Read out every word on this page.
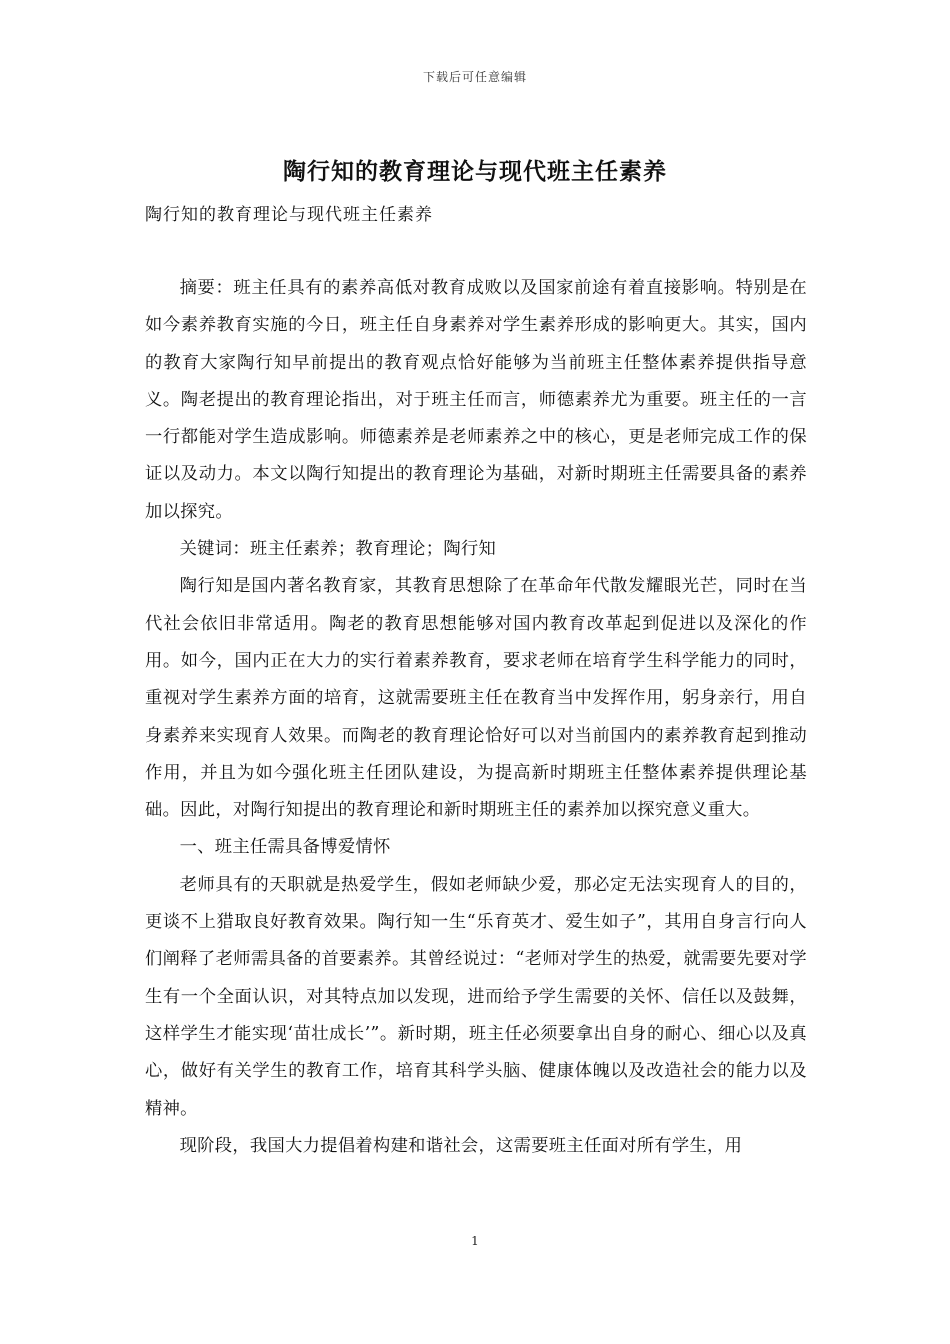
下载后可任意编辑
陶行知的教育理论与现代班主任素养

陶行知的教育理论与现代班主任素养

摘要：班主任具有的素养高低对教育成败以及国家前途有着直接影响。特别是在如今素养教育实施的今日，班主任自身素养对学生素养形成的影响更大。其实，国内的教育大家陶行知早前提出的教育观点恰好能够为当前班主任整体素养提供指导意义。陶老提出的教育理论指出，对于班主任而言，师德素养尤为重要。班主任的一言一行都能对学生造成影响。师德素养是老师素养之中的核心，更是老师完成工作的保证以及动力。本文以陶行知提出的教育理论为基础，对新时期班主任需要具备的素养加以探究。

关键词：班主任素养；教育理论；陶行知

陶行知是国内著名教育家，其教育思想除了在革命年代散发耀眼光芒，同时在当代社会依旧非常适用。陶老的教育思想能够对国内教育改革起到促进以及深化的作用。如今，国内正在大力的实行着素养教育，要求老师在培育学生科学能力的同时，重视对学生素养方面的培育，这就需要班主任在教育当中发挥作用，躬身亲行，用自身素养来实现育人效果。而陶老的教育理论恰好可以对当前国内的素养教育起到推动作用，并且为如今强化班主任团队建设，为提高新时期班主任整体素养提供理论基础。因此，对陶行知提出的教育理论和新时期班主任的素养加以探究意义重大。

一、班主任需具备博爱情怀

老师具有的天职就是热爱学生，假如老师缺少爱，那必定无法实现育人的目的，更谈不上猎取良好教育效果。陶行知一生“乐育英才、爱生如子”，其用自身言行向人们阐释了老师需具备的首要素养。其曾经说过：“老师对学生的热爱，就需要先要对学生有一个全面认识，对其特点加以发现，进而给予学生需要的关怀、信任以及鼓舞，这样学生才能实现‘苗壮成长’”。新时期，班主任必须要拿出自身的耐心、细心以及真心，做好有关学生的教育工作，培育其科学头脑、健康体魄以及改造社会的能力以及精神。

现阶段，我国大力提倡着构建和谐社会，这需要班主任面对所有学生，用

1
